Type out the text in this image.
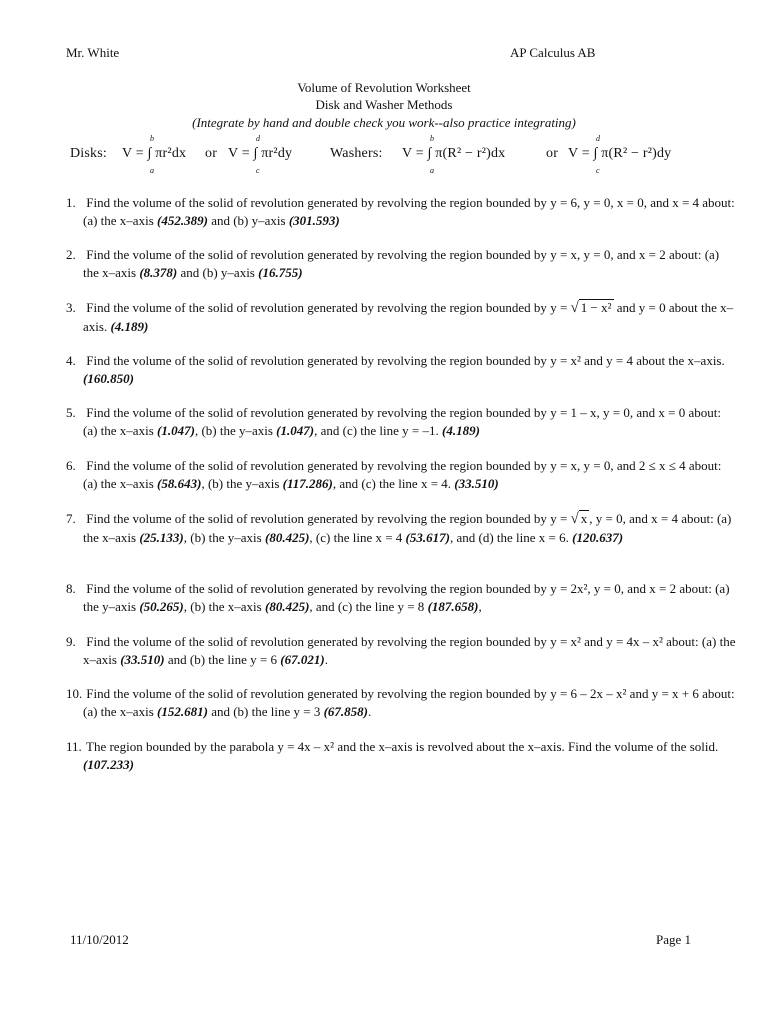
Mr. White	AP Calculus AB
Volume of Revolution Worksheet
Disk and Washer Methods
(Integrate by hand and double check you work--also practice integrating)
Disks:
b
a
V = ∫ πr²dx or
d
c
V = ∫ πr²dy	Washers:
b
a
V = ∫ π(R² − r²)dx	or
d
c
V = ∫ π(R² − r²)dy
1. Find the volume of the solid of revolution generated by revolving the region bounded by y = 6, y = 0, x = 0, and x = 4 about: (a) the x–axis (452.389) and (b) y–axis (301.593)
2. Find the volume of the solid of revolution generated by revolving the region bounded by y = x, y = 0, and x = 2 about: (a) the x–axis (8.378) and (b) y–axis (16.755)
3. Find the volume of the solid of revolution generated by revolving the region bounded by y = √ 1 − x² and y = 0 about the x–axis. (4.189)
4. Find the volume of the solid of revolution generated by revolving the region bounded by y = x² and y = 4 about the x–axis. (160.850)
5. Find the volume of the solid of revolution generated by revolving the region bounded by y = 1 – x, y = 0, and x = 0 about: (a) the x–axis (1.047), (b) the y–axis (1.047), and (c) the line y = –1. (4.189)
6. Find the volume of the solid of revolution generated by revolving the region bounded by y = x, y = 0, and 2 ≤ x ≤ 4 about: (a) the x–axis (58.643), (b) the y–axis (117.286), and (c) the line x = 4. (33.510)
7. Find the volume of the solid of revolution generated by revolving the region bounded by y = √ x , y = 0, and x = 4 about: (a) the x–axis (25.133), (b) the y–axis (80.425), (c) the line x = 4 (53.617), and (d) the line x = 6. (120.637)
8. Find the volume of the solid of revolution generated by revolving the region bounded by y = 2x², y = 0, and x = 2 about: (a) the y–axis (50.265), (b) the x–axis (80.425), and (c) the line y = 8 (187.658),
9. Find the volume of the solid of revolution generated by revolving the region bounded by y = x² and y = 4x – x² about: (a) the x–axis (33.510) and (b) the line y = 6 (67.021).
10. Find the volume of the solid of revolution generated by revolving the region bounded by y = 6 – 2x – x² and y = x + 6 about: (a) the x–axis (152.681) and (b) the line y = 3 (67.858).
11. The region bounded by the parabola y = 4x – x² and the x–axis is revolved about the x–axis. Find the volume of the solid. (107.233)
11/10/2012	Page 1
